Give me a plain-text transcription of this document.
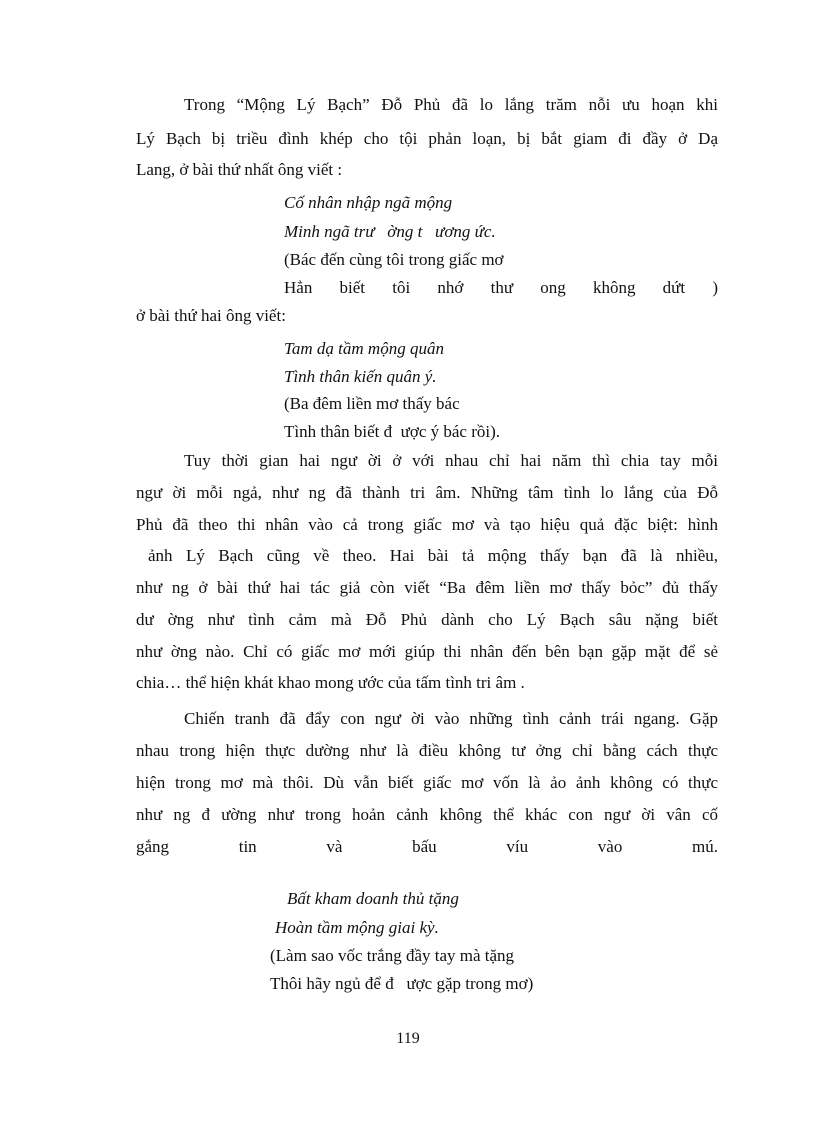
Trong “Mộng Lý Bạch” Đỗ Phủ đã lo lắng trăm nỗi ưu hoạn khi
Lý Bạch bị triều đình khép cho tội phản loạn, bị bắt giam đi đầy ở Dạ
Lang, ở bài thứ nhất ông viết :
Cố nhân nhập ngã mộng
Minh ngã trư   ờng t   ương ức.
(Bác đến cùng tôi trong giấc mơ
Hẳn biết tôi nhớ thư ong không dứt )
ở bài thứ hai ông viết:
Tam dạ tầm mộng quân
Tình thân kiến quân ý.
(Ba đêm liền mơ thấy bác
Tình thân biết đ  ược ý bác rồi).
Tuy thời gian hai ngư ời ở với nhau chỉ hai năm thì chia tay mỗi
ngư ời mỗi ngả, như ng đã thành tri âm. Những tâm tình lo lắng của Đỗ
Phủ đã theo thi nhân vào cả trong giấc mơ và tạo hiệu quả đặc biệt: hình
ảnh Lý Bạch cũng về theo. Hai bài tả mộng thấy bạn đã là nhiều,
như ng ở bài thứ hai tác giả còn viết “Ba đêm liền mơ thấy bỏc” đủ thấy
dư ờng như tình cảm mà Đỗ Phủ dành cho Lý Bạch sâu nặng biết
như ờng nào. Chỉ có giấc mơ mới giúp thi nhân đến bên bạn gặp mặt để sẻ
chia… thể hiện khát khao mong ước của tấm tình tri âm .
Chiến tranh đã đẩy con ngư ời vào những tình cảnh trái ngang. Gặp
nhau trong hiện thực dường như là điều không tư ởng chỉ bằng cách thực
hiện trong mơ mà thôi. Dù vẫn biết giấc mơ vốn là ảo ảnh không có thực
như ng đ ường như trong hoản cảnh không thể khác con ngư ời vân cố
gắng tin và bấu víu vào mú.
Bất kham doanh thủ tặng
Hoàn tầm mộng giai kỳ.
(Làm sao vốc trắng đầy tay mà tặng
Thôi hãy ngủ để đ   ược gặp trong mơ)
119
